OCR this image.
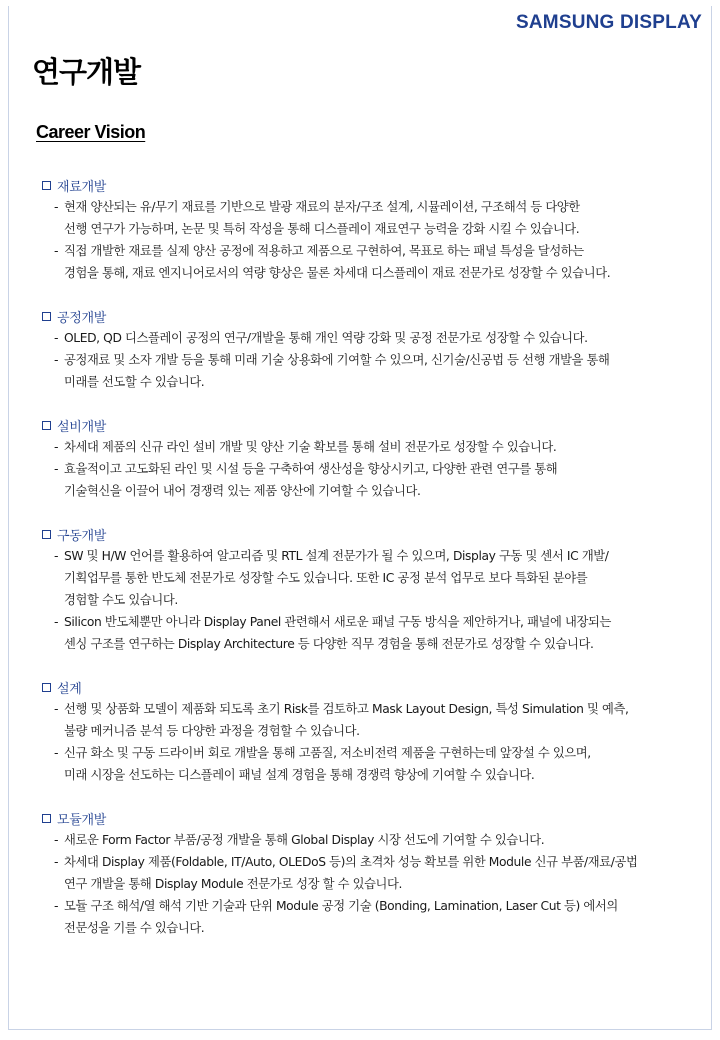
SAMSUNG DISPLAY
연구개발
Career Vision
재료개발
- 현재 양산되는 유/무기 재료를 기반으로 발광 재료의 분자/구조 설계, 시뮬레이션, 구조해석 등 다양한
선행 연구가 가능하며, 논문 및 특허 작성을 통해 디스플레이 재료연구 능력을 강화 시킬 수 있습니다.
- 직접 개발한 재료를 실제 양산 공정에 적용하고 제품으로 구현하여, 목표로 하는 패널 특성을 달성하는
경험을 통해, 재료 엔지니어로서의 역량 향상은 물론 차세대 디스플레이 재료 전문가로 성장할 수 있습니다.
공정개발
- OLED, QD 디스플레이 공정의 연구/개발을 통해 개인 역량 강화 및 공정 전문가로 성장할 수 있습니다.
- 공정재료 및 소자 개발 등을 통해 미래 기술 상용화에 기여할 수 있으며, 신기술/신공법 등 선행 개발을 통해
미래를 선도할 수 있습니다.
설비개발
- 차세대 제품의 신규 라인 설비 개발 및 양산 기술 확보를 통해 설비 전문가로 성장할 수 있습니다.
- 효율적이고 고도화된 라인 및 시설 등을 구축하여 생산성을 향상시키고, 다양한 관련 연구를 통해
기술혁신을 이끌어 내어 경쟁력 있는 제품 양산에 기여할 수 있습니다.
구동개발
- SW 및 H/W 언어를 활용하여 알고리즘 및 RTL 설계 전문가가 될 수 있으며, Display 구동 및 센서 IC 개발/
기획업무를 통한 반도체 전문가로 성장할 수도 있습니다. 또한 IC 공정 분석 업무로 보다 특화된 분야를
경험할 수도 있습니다.
- Silicon 반도체뿐만 아니라 Display Panel 관련해서 새로운 패널 구동 방식을 제안하거나, 패널에 내장되는
센싱 구조를 연구하는 Display Architecture 등 다양한 직무 경험을 통해 전문가로 성장할 수 있습니다.
설계
- 선행 및 상품화 모델이 제품화 되도록 초기 Risk를 검토하고 Mask Layout Design, 특성 Simulation 및 예측,
불량 메커니즘 분석 등 다양한 과정을 경험할 수 있습니다.
- 신규 화소 및 구동 드라이버 회로 개발을 통해 고품질, 저소비전력 제품을 구현하는데 앞장설 수 있으며,
미래 시장을 선도하는 디스플레이 패널 설계 경험을 통해 경쟁력 향상에 기여할 수 있습니다.
모듈개발
- 새로운 Form Factor 부품/공정 개발을 통해 Global Display 시장 선도에 기여할 수 있습니다.
- 차세대 Display 제품(Foldable, IT/Auto, OLEDoS 등)의 초격차 성능 확보를 위한 Module 신규 부품/재료/공법
연구 개발을 통해 Display Module 전문가로 성장 할 수 있습니다.
- 모듈 구조 해석/열 해석 기반 기술과 단위 Module 공정 기술 (Bonding, Lamination, Laser Cut 등) 에서의
전문성을 기를 수 있습니다.
